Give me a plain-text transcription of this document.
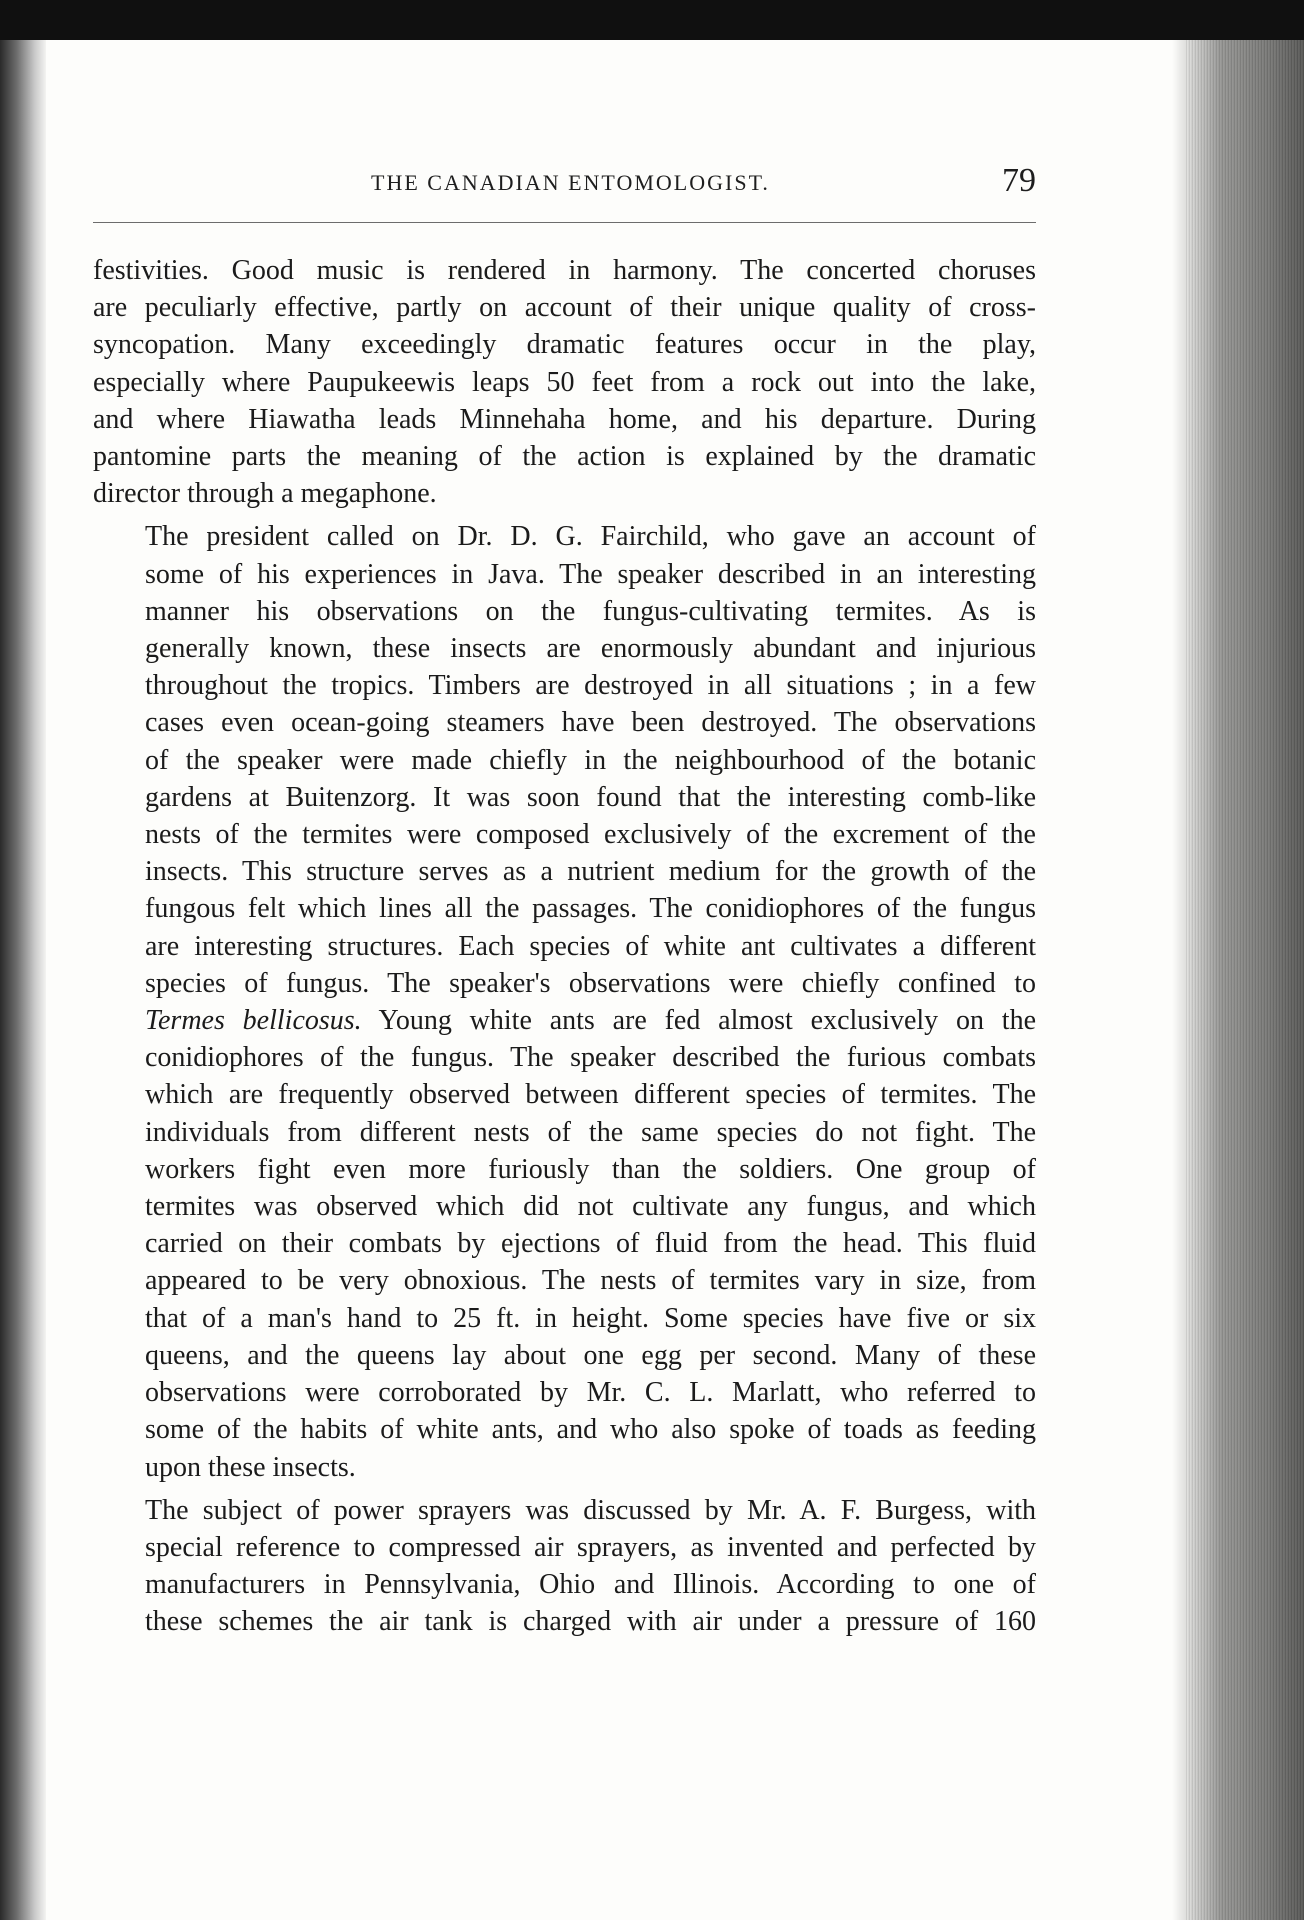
THE CANADIAN ENTOMOLOGIST.	79

festivities. Good music is rendered in harmony. The concerted choruses
are peculiarly effective, partly on account of their unique quality of cross-
syncopation. Many exceedingly dramatic features occur in the play,
especially where Paupukeewis leaps 50 feet from a rock out into the lake,
and where Hiawatha leads Minnehaha home, and his departure. During
pantomine parts the meaning of the action is explained by the dramatic
director through a megaphone.

The president called on Dr. D. G. Fairchild, who gave an account of
some of his experiences in Java. The speaker described in an interesting
manner his observations on the fungus-cultivating termites. As is
generally known, these insects are enormously abundant and injurious
throughout the tropics. Timbers are destroyed in all situations ; in a few
cases even ocean-going steamers have been destroyed. The observations
of the speaker were made chiefly in the neighbourhood of the botanic
gardens at Buitenzorg. It was soon found that the interesting comb-like
nests of the termites were composed exclusively of the excrement of the
insects. This structure serves as a nutrient medium for the growth of the
fungous felt which lines all the passages. The conidiophores of the fungus
are interesting structures. Each species of white ant cultivates a different
species of fungus. The speaker's observations were chiefly confined to
Termes bellicosus. Young white ants are fed almost exclusively on the
conidiophores of the fungus. The speaker described the furious combats
which are frequently observed between different species of termites. The
individuals from different nests of the same species do not fight. The
workers fight even more furiously than the soldiers. One group of
termites was observed which did not cultivate any fungus, and which
carried on their combats by ejections of fluid from the head. This fluid
appeared to be very obnoxious. The nests of termites vary in size, from
that of a man's hand to 25 ft. in height. Some species have five or six
queens, and the queens lay about one egg per second. Many of these
observations were corroborated by Mr. C. L. Marlatt, who referred to
some of the habits of white ants, and who also spoke of toads as feeding
upon these insects.

The subject of power sprayers was discussed by Mr. A. F. Burgess, with
special reference to compressed air sprayers, as invented and perfected by
manufacturers in Pennsylvania, Ohio and Illinois. According to one of
these schemes the air tank is charged with air under a pressure of 160
